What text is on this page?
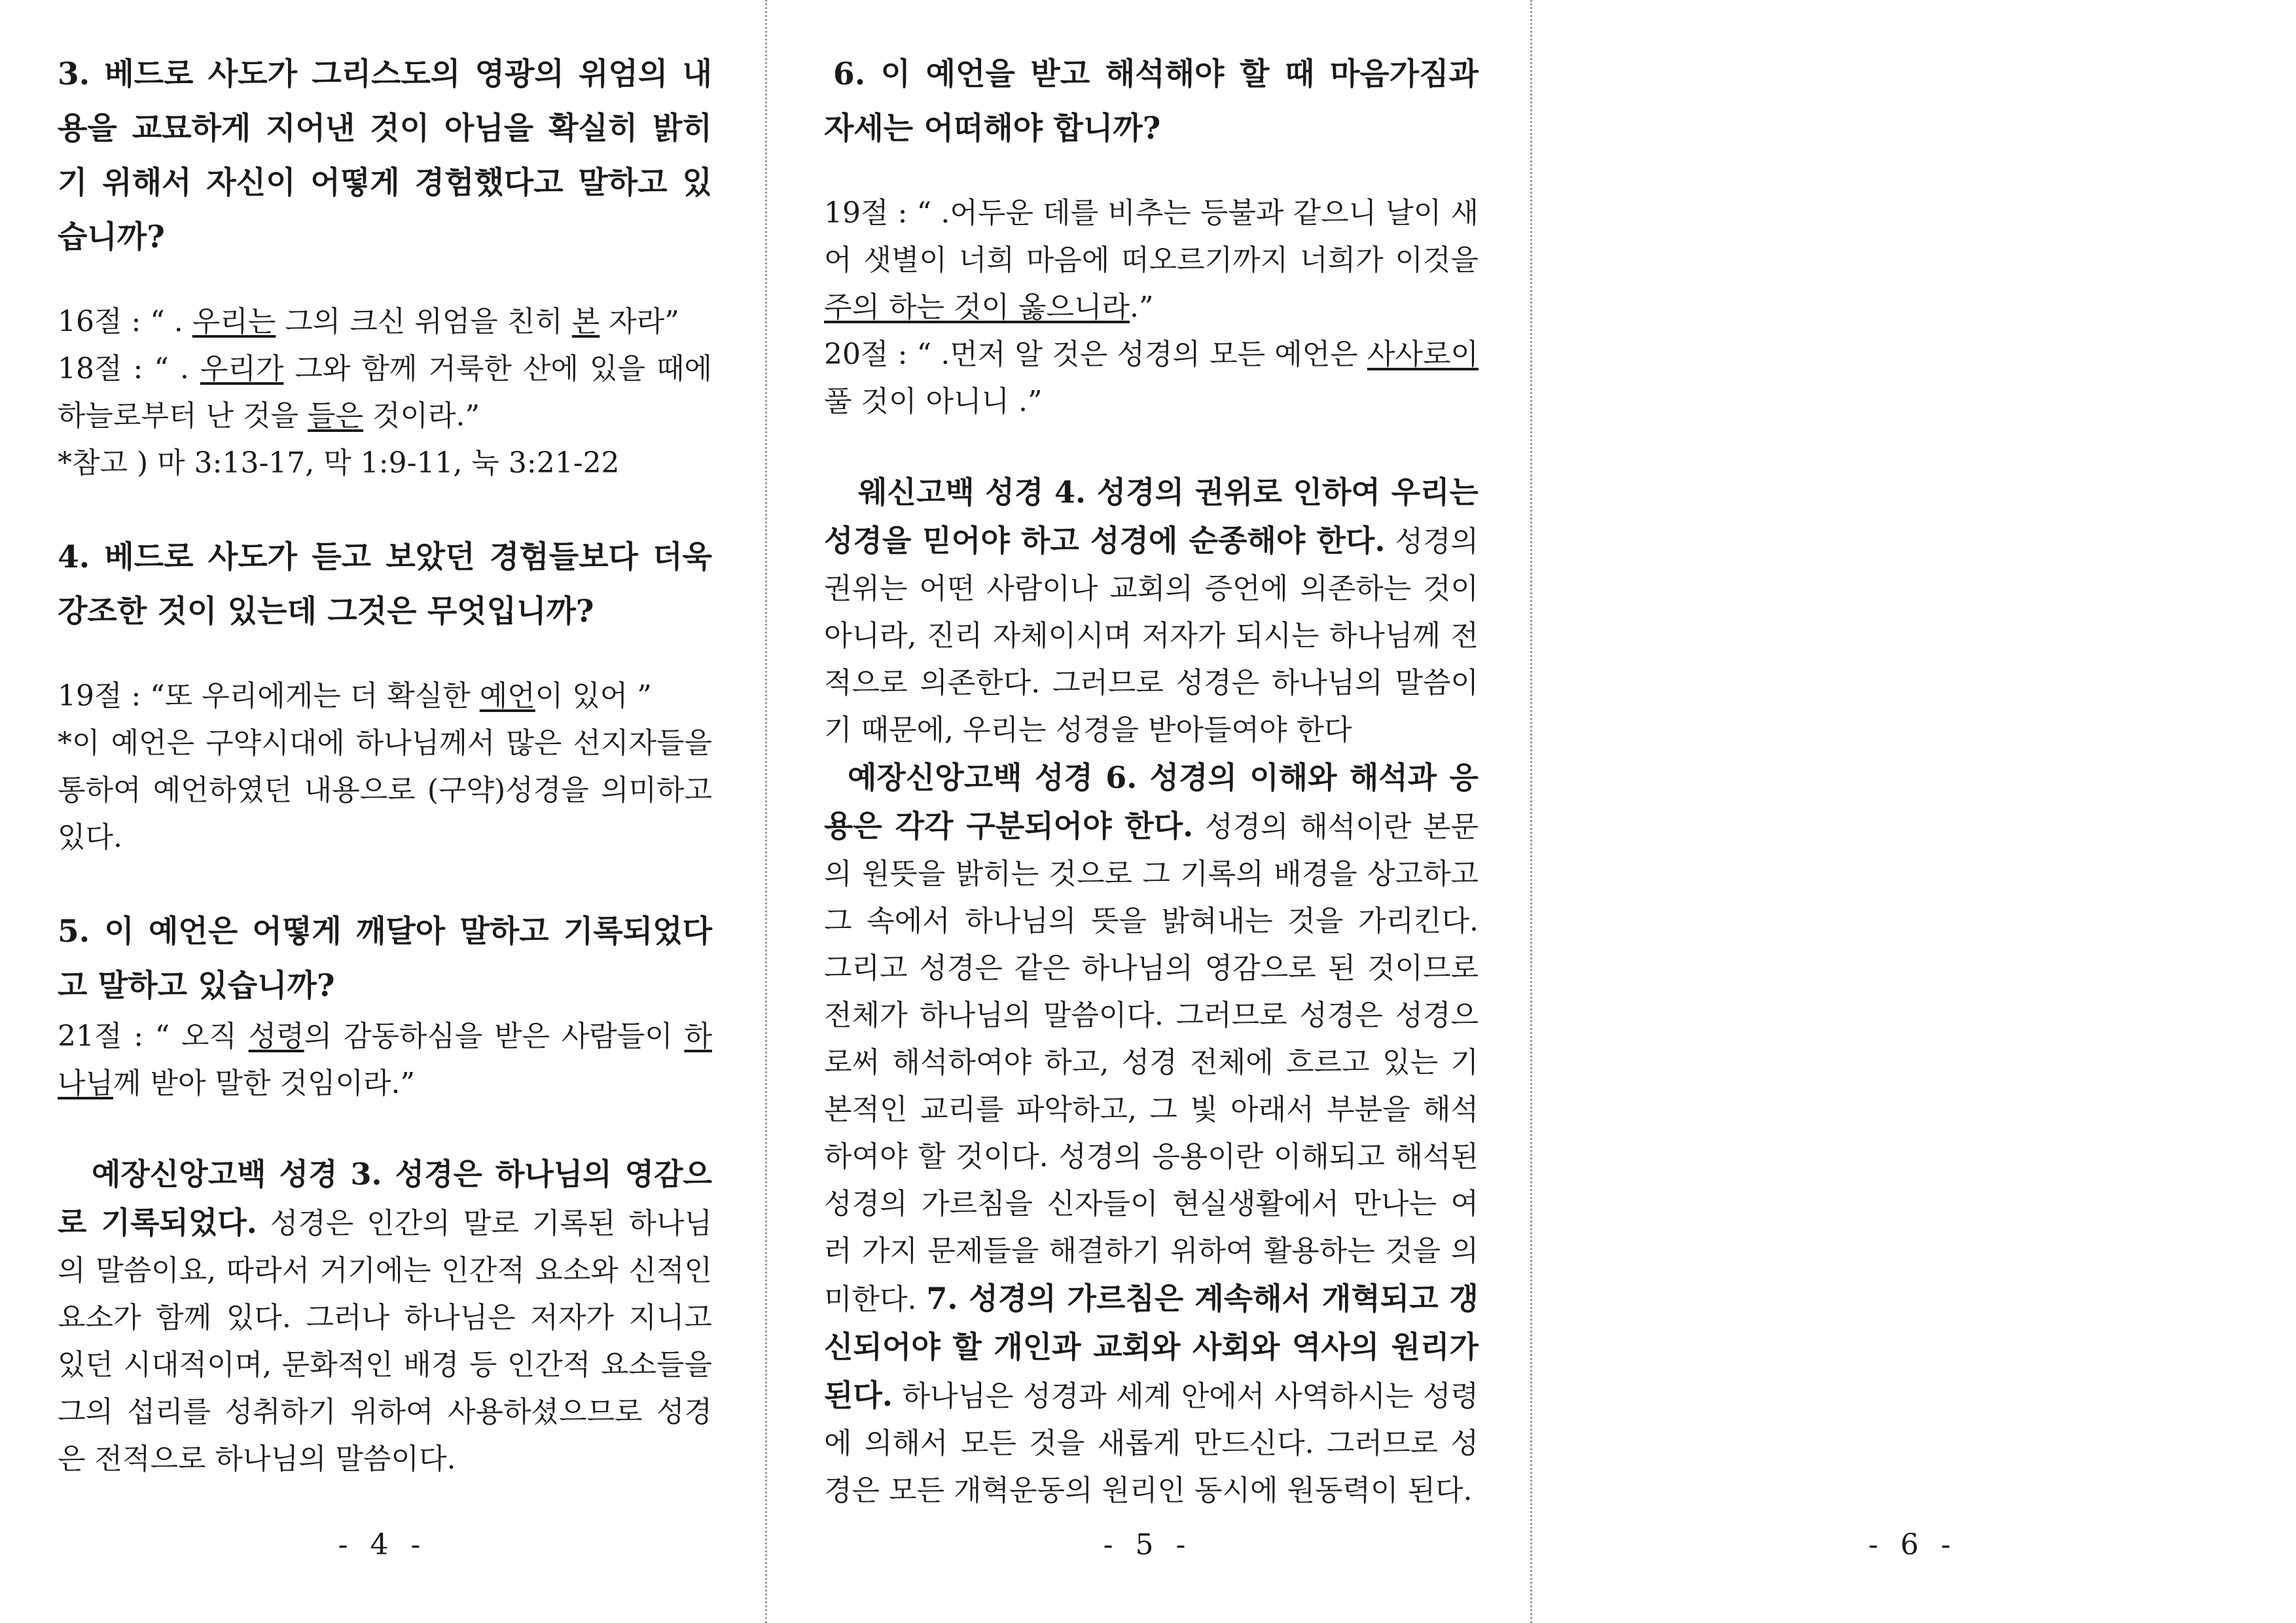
3. 베드로 사도가 그리스도의 영광의 위엄의 내용을 교묘하게 지어낸 것이 아님을 확실히 밝히기 위해서 자신이 어떻게 경험했다고 말하고 있습니까?

16절 : “ . 우리는 그의 크신 위엄을 친히 본 자라”

18절 : “ . 우리가 그와 함께 거룩한 산에 있을 때에 하늘로부터 난 것을 들은 것이라.”

*참고 ) 마 3:13-17, 막 1:9-11, 눅 3:21-22

4. 베드로 사도가 듣고 보았던 경험들보다 더욱 강조한 것이 있는데 그것은 무엇입니까?

19절 : “또 우리에게는 더 확실한 예언이 있어 ”

*이 예언은 구약시대에 하나님께서 많은 선지자들을 통하여 예언하였던 내용으로 (구약)성경을 의미하고 있다.

5. 이 예언은 어떻게 깨달아 말하고 기록되었다고 말하고 있습니까?

21절 : “ 오직 성령의 감동하심을 받은 사람들이 하나님께 받아 말한 것임이라.”

예장신앙고백 성경 3. 성경은 하나님의 영감으로 기록되었다. 성경은 인간의 말로 기록된 하나님의 말씀이요, 따라서 거기에는 인간적 요소와 신적인 요소가 함께 있다. 그러나 하나님은 저자가 지니고 있던 시대적이며, 문화적인 배경 등 인간적 요소들을 그의 섭리를 성취하기 위하여 사용하셨으므로 성경은 전적으로 하나님의 말씀이다.

- 4 -

6. 이 예언을 받고 해석해야 할 때 마음가짐과 자세는 어떠해야 합니까?

19절 : “ .어두운 데를 비추는 등불과 같으니 날이 새어 샛별이 너희 마음에 떠오르기까지 너희가 이것을 주의 하는 것이 옳으니라.”

20절 : “ .먼저 알 것은 성경의 모든 예언은 사사로이 풀 것이 아니니 .”

웨신고백 성경 4. 성경의 권위로 인하여 우리는 성경을 믿어야 하고 성경에 순종해야 한다. 성경의 권위는 어떤 사람이나 교회의 증언에 의존하는 것이 아니라, 진리 자체이시며 저자가 되시는 하나님께 전적으로 의존한다. 그러므로 성경은 하나님의 말씀이기 때문에, 우리는 성경을 받아들여야 한다

예장신앙고백 성경 6. 성경의 이해와 해석과 응용은 각각 구분되어야 한다. 성경의 해석이란 본문의 원뜻을 밝히는 것으로 그 기록의 배경을 상고하고 그 속에서 하나님의 뜻을 밝혀내는 것을 가리킨다. 그리고 성경은 같은 하나님의 영감으로 된 것이므로 전체가 하나님의 말씀이다. 그러므로 성경은 성경으로써 해석하여야 하고, 성경 전체에 흐르고 있는 기본적인 교리를 파악하고, 그 빛 아래서 부분을 해석하여야 할 것이다. 성경의 응용이란 이해되고 해석된 성경의 가르침을 신자들이 현실생활에서 만나는 여러 가지 문제들을 해결하기 위하여 활용하는 것을 의미한다. 7. 성경의 가르침은 계속해서 개혁되고 갱신되어야 할 개인과 교회와 사회와 역사의 원리가 된다. 하나님은 성경과 세계 안에서 사역하시는 성령에 의해서 모든 것을 새롭게 만드신다. 그러므로 성경은 모든 개혁운동의 원리인 동시에 원동력이 된다.

- 5 -	- 6 -
